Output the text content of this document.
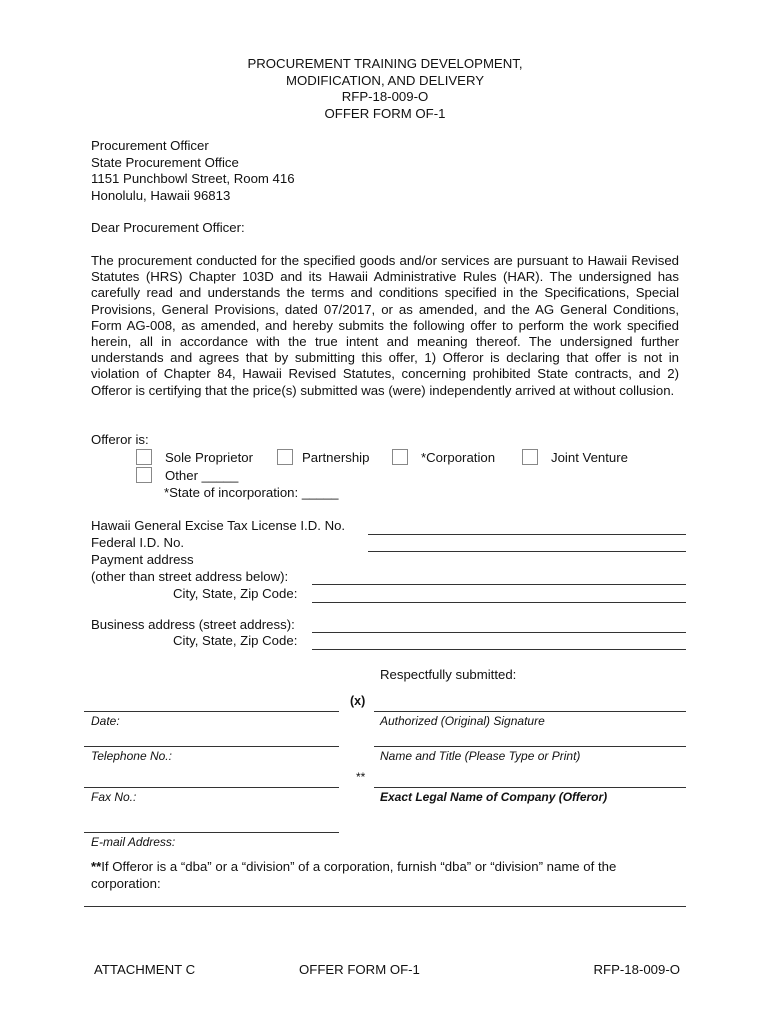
PROCUREMENT TRAINING DEVELOPMENT,
MODIFICATION, AND DELIVERY
RFP-18-009-O
OFFER FORM OF-1
Procurement Officer
State Procurement Office
1151 Punchbowl Street, Room 416
Honolulu, Hawaii 96813
Dear Procurement Officer:
The procurement conducted for the specified goods and/or services are pursuant to Hawaii Revised Statutes (HRS) Chapter 103D and its Hawaii Administrative Rules (HAR). The undersigned has carefully read and understands the terms and conditions specified in the Specifications, Special Provisions, General Provisions, dated 07/2017, or as amended, and the AG General Conditions, Form AG-008, as amended, and hereby submits the following offer to perform the work specified herein, all in accordance with the true intent and meaning thereof. The undersigned further understands and agrees that by submitting this offer, 1) Offeror is declaring that offer is not in violation of Chapter 84, Hawaii Revised Statutes, concerning prohibited State contracts, and 2) Offeror is certifying that the price(s) submitted was (were) independently arrived at without collusion.
Offeror is:
Sole Proprietor	Partnership	*Corporation	Joint Venture
Other _____
*State of incorporation: _____
Hawaii General Excise Tax License I.D. No.
Federal I.D. No.
Payment address
(other than street address below):
City, State, Zip Code:
Business address (street address):
City, State, Zip Code:
Respectfully submitted:
(x)
Date:	Authorized (Original) Signature
Telephone No.:	Name and Title (Please Type or Print)
**
Fax No.:	Exact Legal Name of Company (Offeror)
E-mail Address:
**If Offeror is a “dba” or a “division” of a corporation, furnish “dba” or “division” name of the corporation:
ATTACHMENT C	OFFER FORM OF-1	RFP-18-009-O
